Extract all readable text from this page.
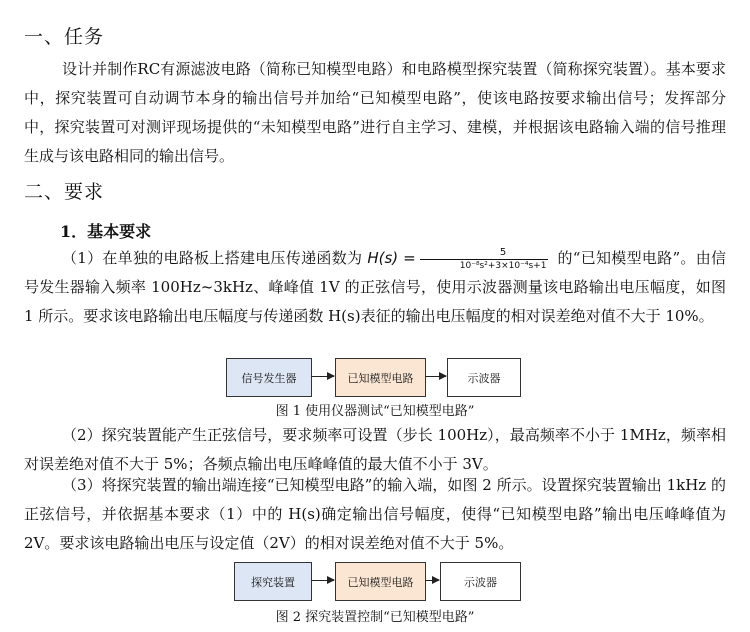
一、任务
设计并制作RC有源滤波电路（简称已知模型电路）和电路模型探究装置（简称探究装置）。基本要求中，探究装置可自动调节本身的输出信号并加给“已知模型电路”，使该电路按要求输出信号；发挥部分中，探究装置可对测评现场提供的“未知模型电路”进行自主学习、建模，并根据该电路输入端的信号推理生成与该电路相同的输出信号。
二、要求
1．基本要求
（1）在单独的电路板上搭建电压传递函数为 $H(s) = \frac{5}{\text{10⁻⁸s²+3×10⁻⁴s+1}}$ 的“已知模型电路”。由信号发生器输入频率 100Hz~3kHz、峰峰值 1V 的正弦信号，使用示波器测量该电路输出电压幅度，如图 1 所示。要求该电路输出电压幅度与传递函数 H(s)表征的输出电压幅度的相对误差绝对值不大于 10%。
信号发生器	已知模型电路	示波器
图 1 使用仪器测试“已知模型电路”
（2）探究装置能产生正弦信号，要求频率可设置（步长 100Hz），最高频率不小于 1MHz，频率相对误差绝对值不大于 5%；各频点输出电压峰峰值的最大值不小于 3V。
（3）将探究装置的输出端连接“已知模型电路”的输入端，如图 2 所示。设置探究装置输出 1kHz 的正弦信号，并依据基本要求（1）中的 H(s)确定输出信号幅度，使得“已知模型电路”输出电压峰峰值为 2V。要求该电路输出电压与设定值（2V）的相对误差绝对值不大于 5%。
探究装置	已知模型电路	示波器
图 2 探究装置控制“已知模型电路”
